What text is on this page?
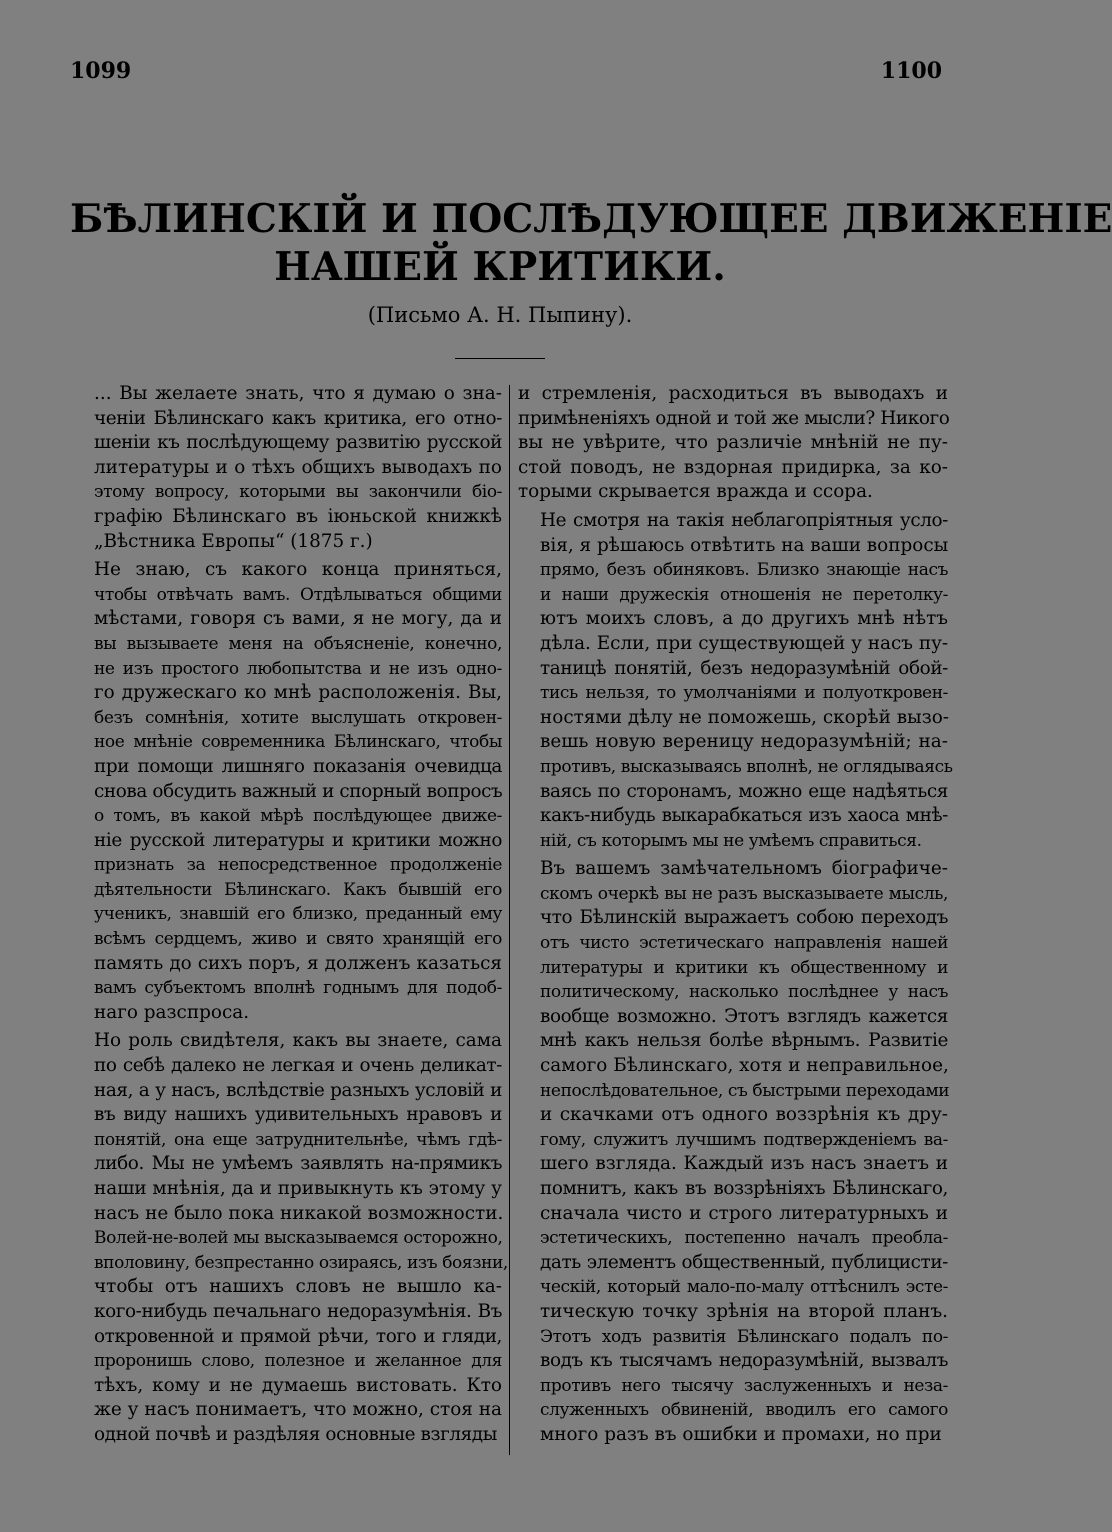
1099	1100
БѢЛИНСКІЙ И ПОСЛѢДУЮЩЕЕ ДВИЖЕНІЕ
НАШЕЙ КРИТИКИ.
(Письмо А. Н. Пыпину).

... Вы желаете знать, что я думаю о зна-
ченіи Бѣлинскаго какъ критика, его отно-
шеніи къ послѣдующему развитію русской
литературы и о тѣхъ общихъ выводахъ по
этому вопросу, которыми вы закончили біо-
графію Бѣлинскаго въ іюньской книжкѣ
„Вѣстника Европы“ (1875 г.)

Не знаю, съ какого конца приняться,
чтобы отвѣчать вамъ. Отдѣлываться общими
мѣстами, говоря съ вами, я не могу, да и
вы вызываете меня на объясненіе, конечно,
не изъ простого любопытства и не изъ одно-
го дружескаго ко мнѣ расположенія. Вы,
безъ сомнѣнія, хотите выслушать откровен-
ное мнѣніе современника Бѣлинскаго, чтобы
при помощи лишняго показанія очевидца
снова обсудить важный и спорный вопросъ
о томъ, въ какой мѣрѣ послѣдующее движе-
ніе русской литературы и критики можно
признать за непосредственное продолженіе
дѣятельности Бѣлинскаго. Какъ бывшій его
ученикъ, знавшій его близко, преданный ему
всѣмъ сердцемъ, живо и свято хранящій его
память до сихъ поръ, я долженъ казаться
вамъ субъектомъ вполнѣ годнымъ для подоб-
наго разспроса.

Но роль свидѣтеля, какъ вы знаете, сама
по себѣ далеко не легкая и очень деликат-
ная, а у насъ, вслѣдствіе разныхъ условій и
въ виду нашихъ удивительныхъ нравовъ и
понятій, она еще затруднительнѣе, чѣмъ гдѣ-
либо. Мы не умѣемъ заявлять на-прямикъ
наши мнѣнія, да и привыкнуть къ этому у
насъ не было пока никакой возможности.
Волей-не-волей мы высказываемся осторожно,
вполовину, безпрестанно озираясь, изъ боязни,
чтобы отъ нашихъ словъ не вышло ка-
кого-нибудь печальнаго недоразумѣнія. Въ
откровенной и прямой рѣчи, того и гляди,
проронишь слово, полезное и желанное для
тѣхъ, кому и не думаешь вистовать. Кто
же у насъ понимаетъ, что можно, стоя на
одной почвѣ и раздѣляя основные взгляды

и стремленія, расходиться въ выводахъ и
примѣненіяхъ одной и той же мысли? Никого
вы не увѣрите, что различіе мнѣній не пу-
стой поводъ, не вздорная придирка, за ко-
торыми скрывается вражда и ссора.

Не смотря на такія неблагопріятныя усло-
вія, я рѣшаюсь отвѣтить на ваши вопросы
прямо, безъ обиняковъ. Близко знающіе насъ
и наши дружескія отношенія не перетолку-
ютъ моихъ словъ, а до другихъ мнѣ нѣтъ
дѣла. Если, при существующей у насъ пу-
таницѣ понятій, безъ недоразумѣній обой-
тись нельзя, то умолчаніями и полуоткровен-
ностями дѣлу не поможешь, скорѣй вызо-
вешь новую вереницу недоразумѣній; на-
противъ, высказываясь вполнѣ, не оглядываясь
ваясь по сторонамъ, можно еще надѣяться
какъ-нибудь выкарабкаться изъ хаоса мнѣ-
ній, съ которымъ мы не умѣемъ справиться.

Въ вашемъ замѣчательномъ біографиче-
скомъ очеркѣ вы не разъ высказываете мысль,
что Бѣлинскій выражаетъ собою переходъ
отъ чисто эстетическаго направленія нашей
литературы и критики къ общественному и
политическому, насколько послѣднее у насъ
вообще возможно. Этотъ взглядъ кажется
мнѣ какъ нельзя болѣе вѣрнымъ. Развитіе
самого Бѣлинскаго, хотя и неправильное,
непослѣдовательное, съ быстрыми переходами
и скачками отъ одного воззрѣнія къ дру-
гому, служитъ лучшимъ подтвержденіемъ ва-
шего взгляда. Каждый изъ насъ знаетъ и
помнитъ, какъ въ воззрѣніяхъ Бѣлинскаго,
сначала чисто и строго литературныхъ и
эстетическихъ, постепенно началъ преобла-
дать элементъ общественный, публицисти-
ческій, который мало-по-малу оттѣснилъ эсте-
тическую точку зрѣнія на второй планъ.
Этотъ ходъ развитія Бѣлинскаго подалъ по-
водъ къ тысячамъ недоразумѣній, вызвалъ
противъ него тысячу заслуженныхъ и неза-
служенныхъ обвиненій, вводилъ его самого
много разъ въ ошибки и промахи, но при
